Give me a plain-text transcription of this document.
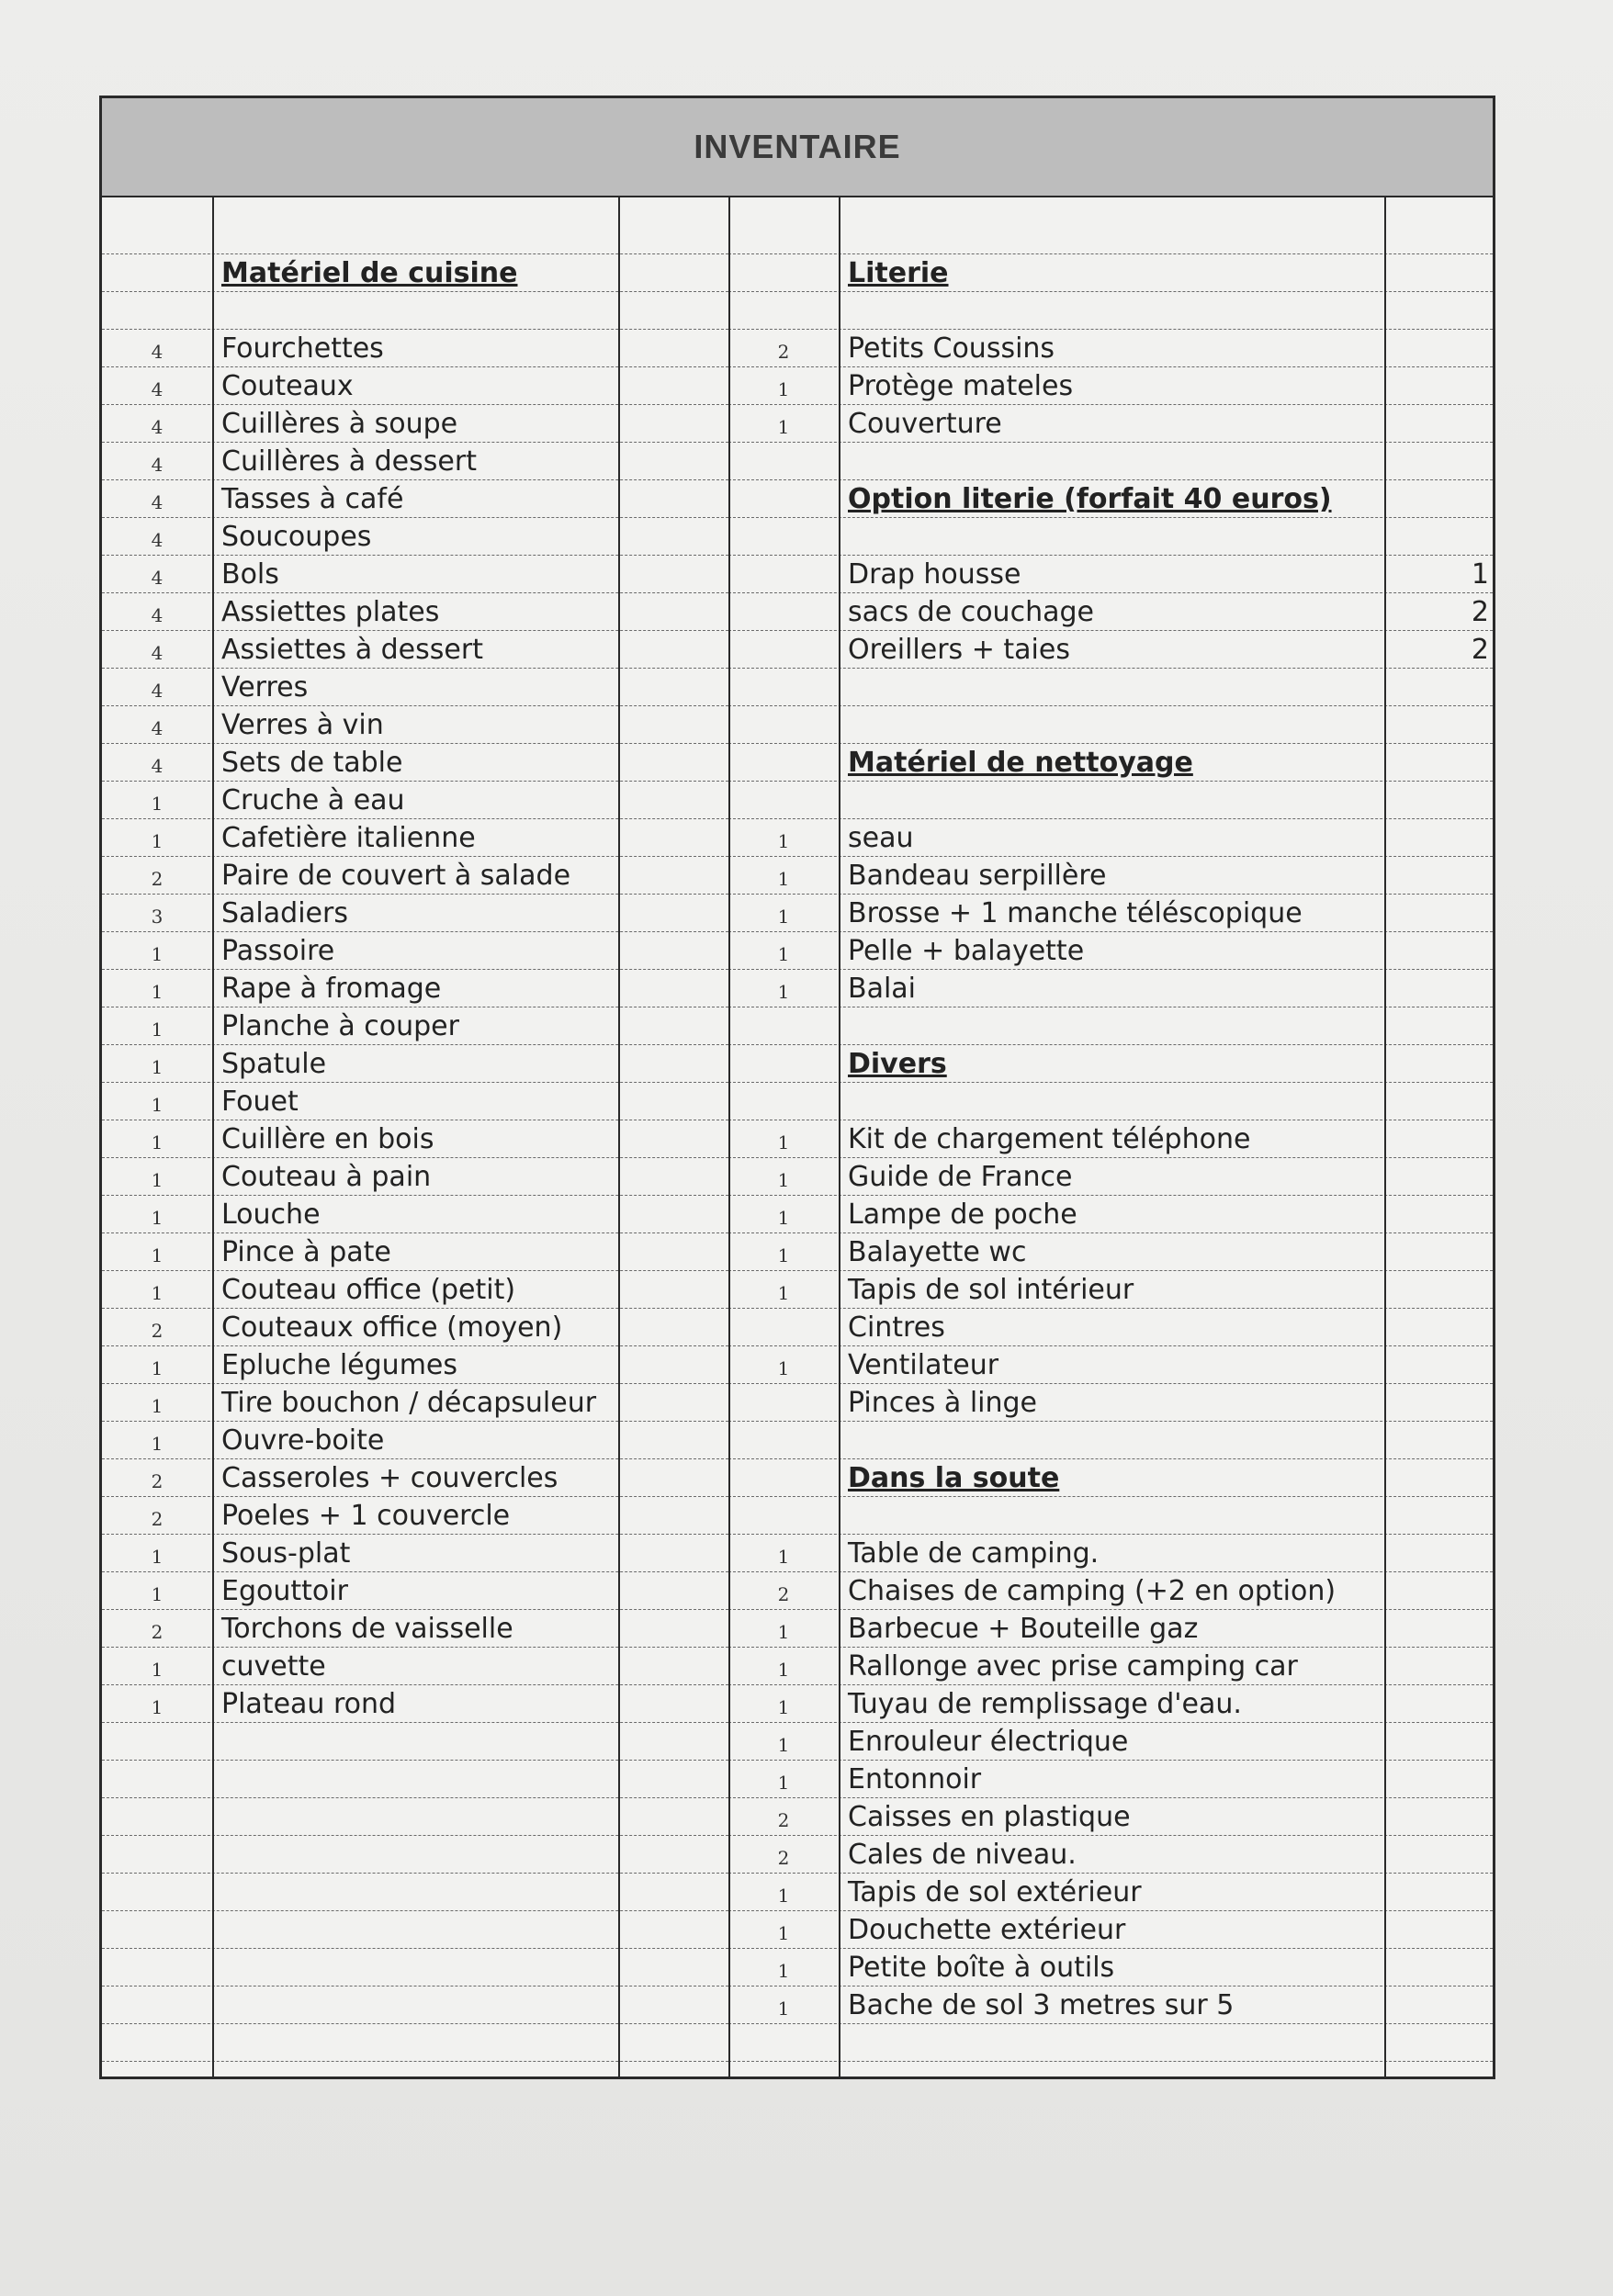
INVENTAIRE
Matériel de cuisine
4	Fourchettes
4	Couteaux
4	Cuillères à soupe
4	Cuillères à dessert
4	Tasses à café
4	Soucoupes
4	Bols
4	Assiettes plates
4	Assiettes à dessert
4	Verres
4	Verres à vin
4	Sets de table
1	Cruche à eau
1	Cafetière italienne
2	Paire de couvert à salade
3	Saladiers
1	Passoire
1	Rape à fromage
1	Planche à couper
1	Spatule
1	Fouet
1	Cuillère en bois
1	Couteau à pain
1	Louche
1	Pince à pate
1	Couteau office (petit)
2	Couteaux office (moyen)
1	Epluche légumes
1	Tire bouchon / décapsuleur
1	Ouvre-boite
2	Casseroles + couvercles
2	Poeles + 1 couvercle
1	Sous-plat
1	Egouttoir
2	Torchons de vaisselle
1	cuvette
1	Plateau rond
Literie
2	Petits Coussins
1	Protège mateles
1	Couverture
Option literie (forfait 40 euros)
Drap housse	1
sacs de couchage	2
Oreillers + taies	2
Matériel de nettoyage
1	seau
1	Bandeau serpillère
1	Brosse + 1 manche téléscopique
1	Pelle + balayette
1	Balai
Divers
1	Kit de chargement téléphone
1	Guide de France
1	Lampe de poche
1	Balayette wc
1	Tapis de sol intérieur
Cintres
1	Ventilateur
Pinces à linge
Dans la soute
1	Table de camping.
2	Chaises de camping (+2 en option)
1	Barbecue + Bouteille gaz
1	Rallonge avec prise camping car
1	Tuyau de remplissage d'eau.
1	Enrouleur électrique
1	Entonnoir
2	Caisses en plastique
2	Cales de niveau.
1	Tapis de sol extérieur
1	Douchette extérieur
1	Petite boîte à outils
1	Bache de sol 3 metres sur 5
